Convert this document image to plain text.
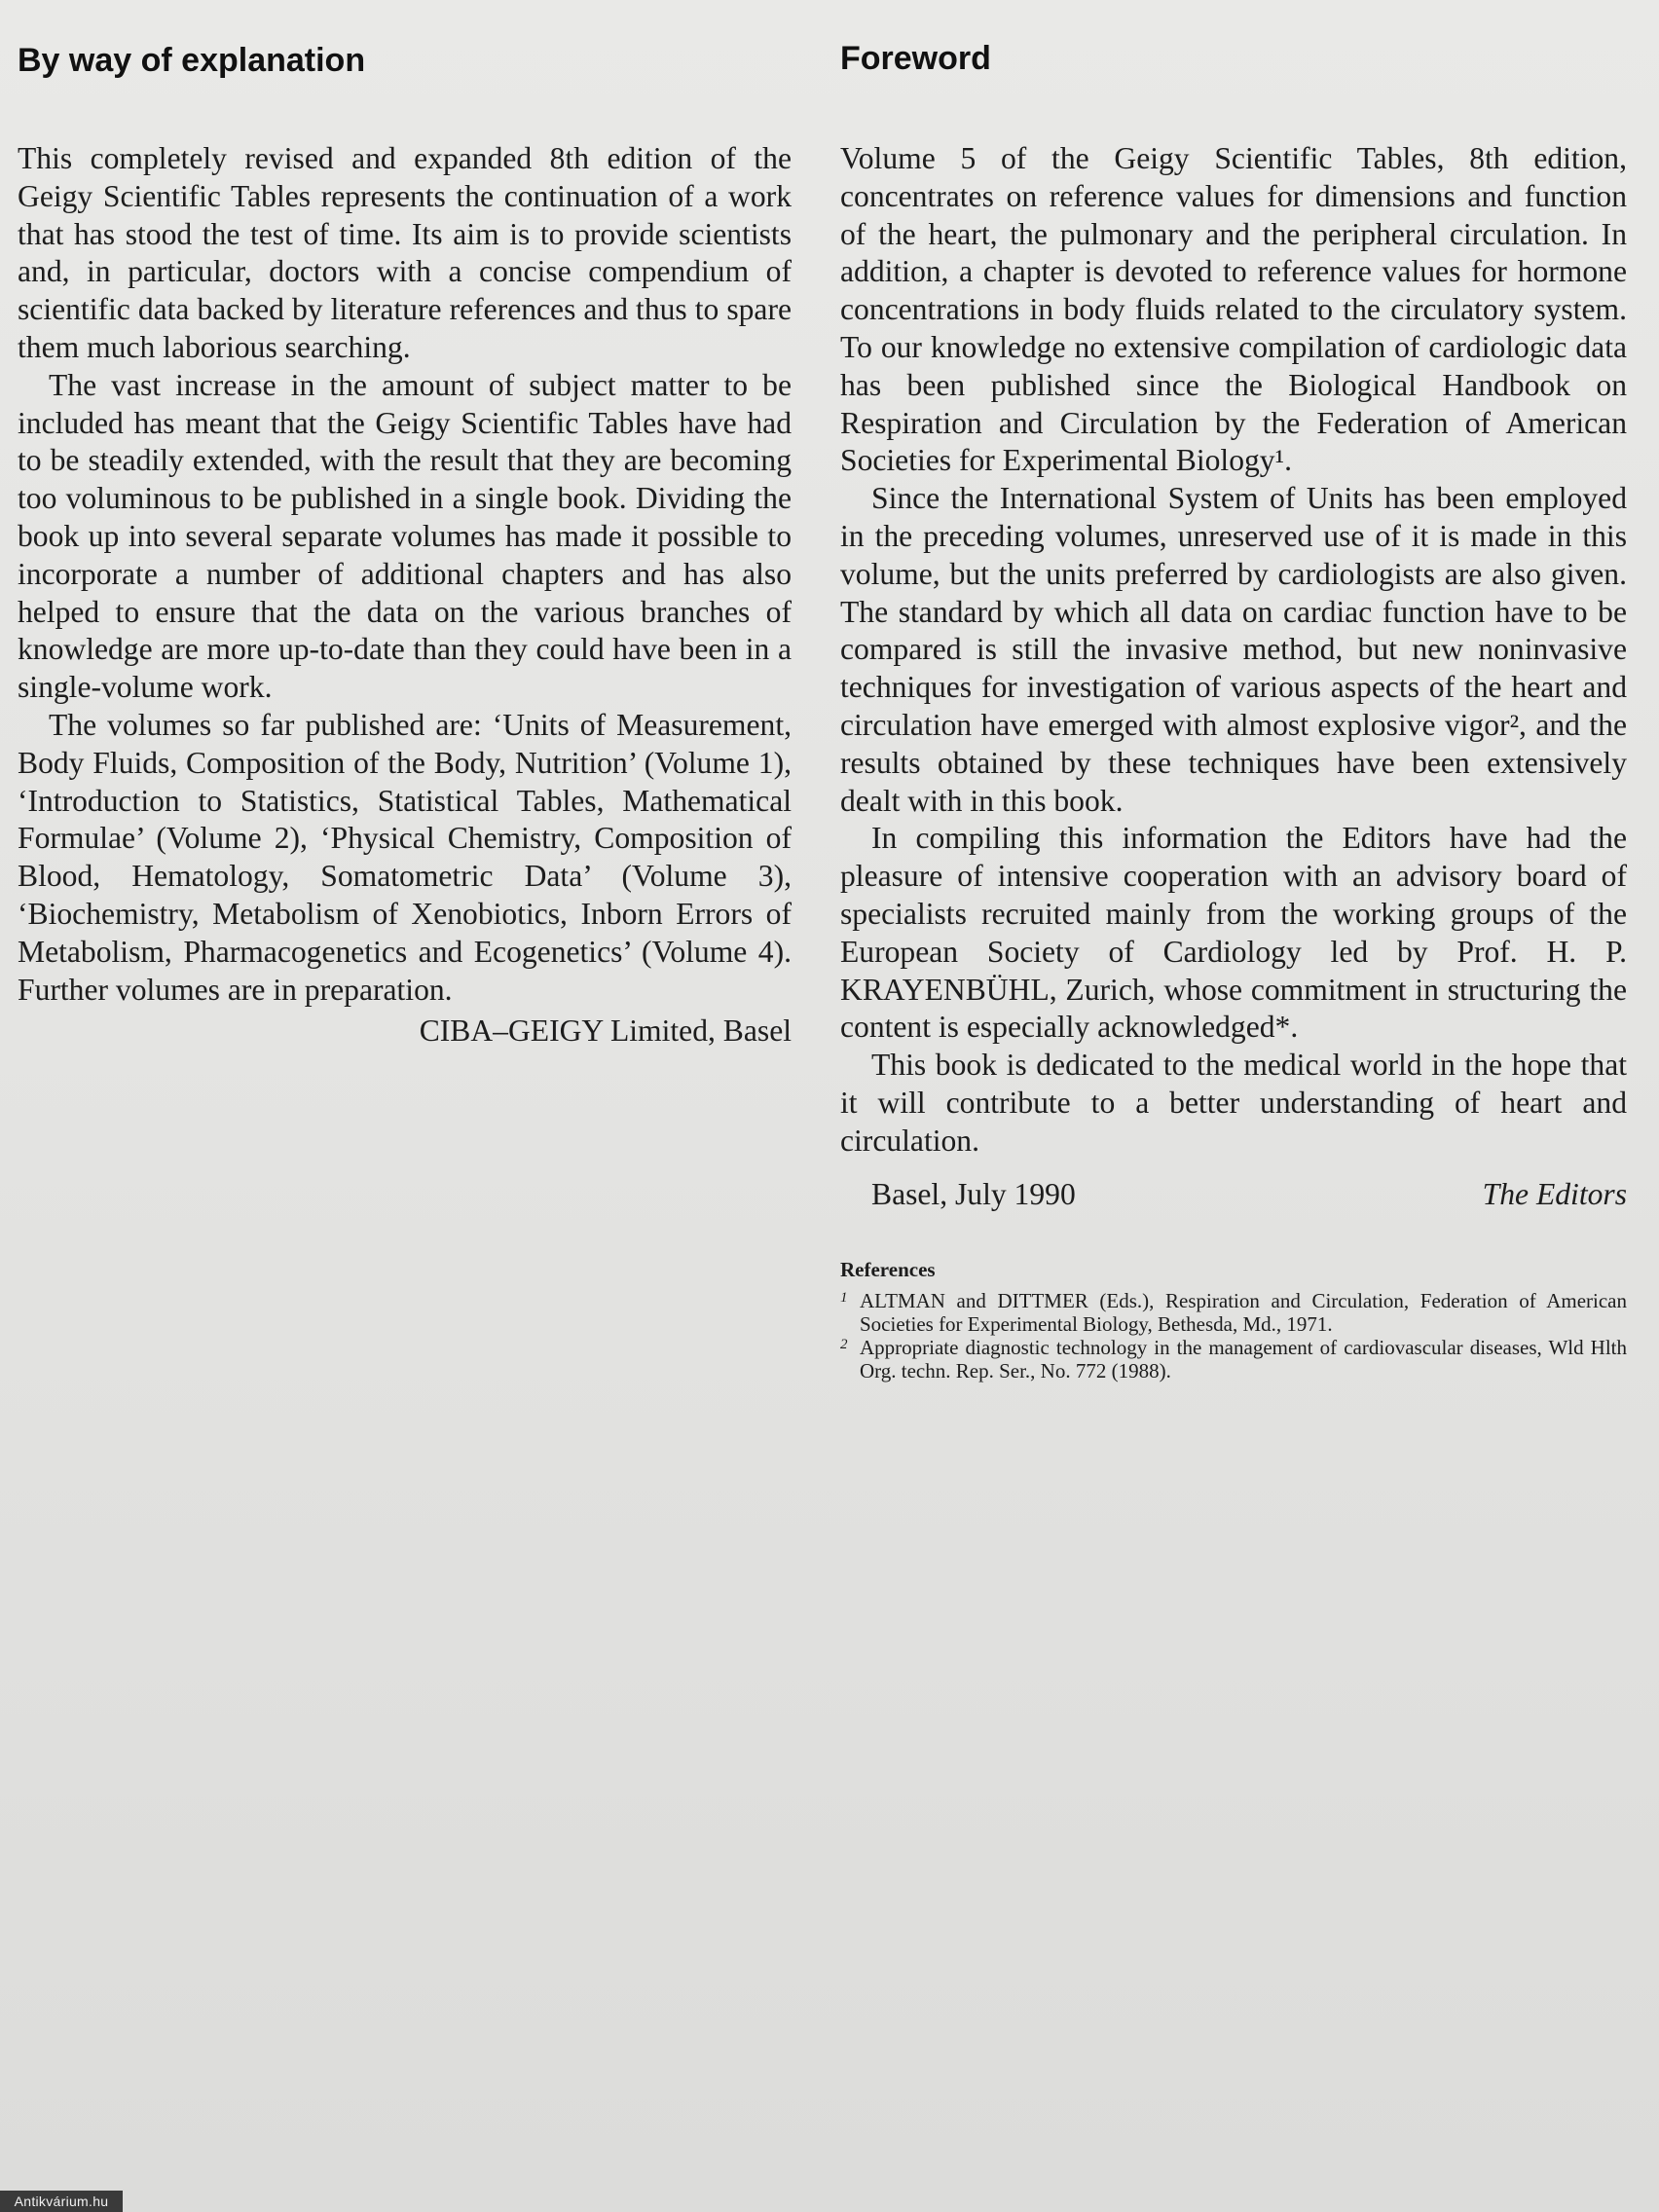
By way of explanation

This completely revised and expanded 8th edition of the Geigy Scientific Tables represents the continuation of a work that has stood the test of time. Its aim is to provide scientists and, in particular, doctors with a concise compendium of scientific data backed by literature references and thus to spare them much laborious searching.

The vast increase in the amount of subject matter to be included has meant that the Geigy Scientific Tables have had to be steadily extended, with the result that they are becoming too voluminous to be published in a single book. Dividing the book up into several separate volumes has made it possible to incorporate a number of additional chapters and has also helped to ensure that the data on the various branches of knowledge are more up-to-date than they could have been in a single-volume work.

The volumes so far published are: ‘Units of Measurement, Body Fluids, Composition of the Body, Nutrition’ (Volume 1), ‘Introduction to Statistics, Statistical Tables, Mathematical Formulae’ (Volume 2), ‘Physical Chemistry, Composition of Blood, Hematology, Somatometric Data’ (Volume 3), ‘Biochemistry, Metabolism of Xenobiotics, Inborn Errors of Metabolism, Pharmacogenetics and Ecogenetics’ (Volume 4). Further volumes are in preparation.

CIBA–GEIGY Limited, Basel
Foreword

Volume 5 of the Geigy Scientific Tables, 8th edition, concentrates on reference values for dimensions and function of the heart, the pulmonary and the peripheral circulation. In addition, a chapter is devoted to reference values for hormone concentrations in body fluids related to the circulatory system. To our knowledge no extensive compilation of cardiologic data has been published since the Biological Handbook on Respiration and Circulation by the Federation of American Societies for Experimental Biology¹.

Since the International System of Units has been employed in the preceding volumes, unreserved use of it is made in this volume, but the units preferred by cardiologists are also given. The standard by which all data on cardiac function have to be compared is still the invasive method, but new noninvasive techniques for investigation of various aspects of the heart and circulation have emerged with almost explosive vigor², and the results obtained by these techniques have been extensively dealt with in this book.

In compiling this information the Editors have had the pleasure of intensive cooperation with an advisory board of specialists recruited mainly from the working groups of the European Society of Cardiology led by Prof. H. P. KRAYENBÜHL, Zurich, whose commitment in structuring the content is especially acknowledged*.

This book is dedicated to the medical world in the hope that it will contribute to a better understanding of heart and circulation.

Basel, July 1990	The Editors

References

1 ALTMAN and DITTMER (Eds.), Respiration and Circulation, Federation of American Societies for Experimental Biology, Bethesda, Md., 1971.
2 Appropriate diagnostic technology in the management of cardiovascular diseases, Wld Hlth Org. techn. Rep. Ser., No. 772 (1988).
Antikvárium.hu
